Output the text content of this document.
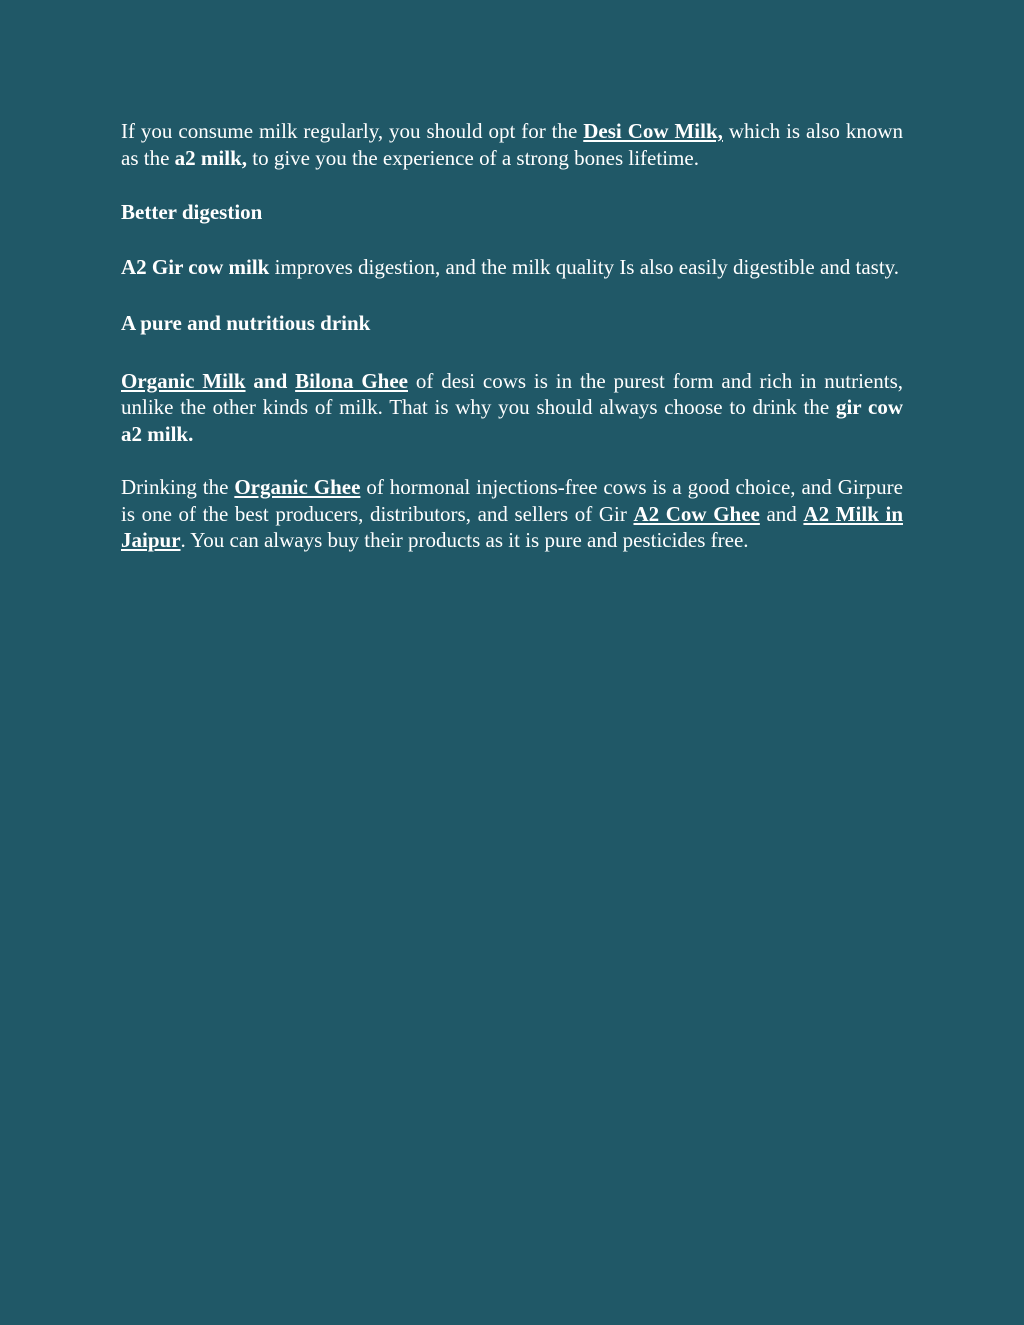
If you consume milk regularly, you should opt for the Desi Cow Milk, which is also known as the a2 milk, to give you the experience of a strong bones lifetime.

Better digestion

A2 Gir cow milk improves digestion, and the milk quality Is also easily digestible and tasty.

A pure and nutritious drink

Organic Milk and Bilona Ghee of desi cows is in the purest form and rich in nutrients, unlike the other kinds of milk. That is why you should always choose to drink the gir cow a2 milk.

Drinking the Organic Ghee of hormonal injections-free cows is a good choice, and Girpure is one of the best producers, distributors, and sellers of Gir A2 Cow Ghee and A2 Milk in Jaipur. You can always buy their products as it is pure and pesticides free.
